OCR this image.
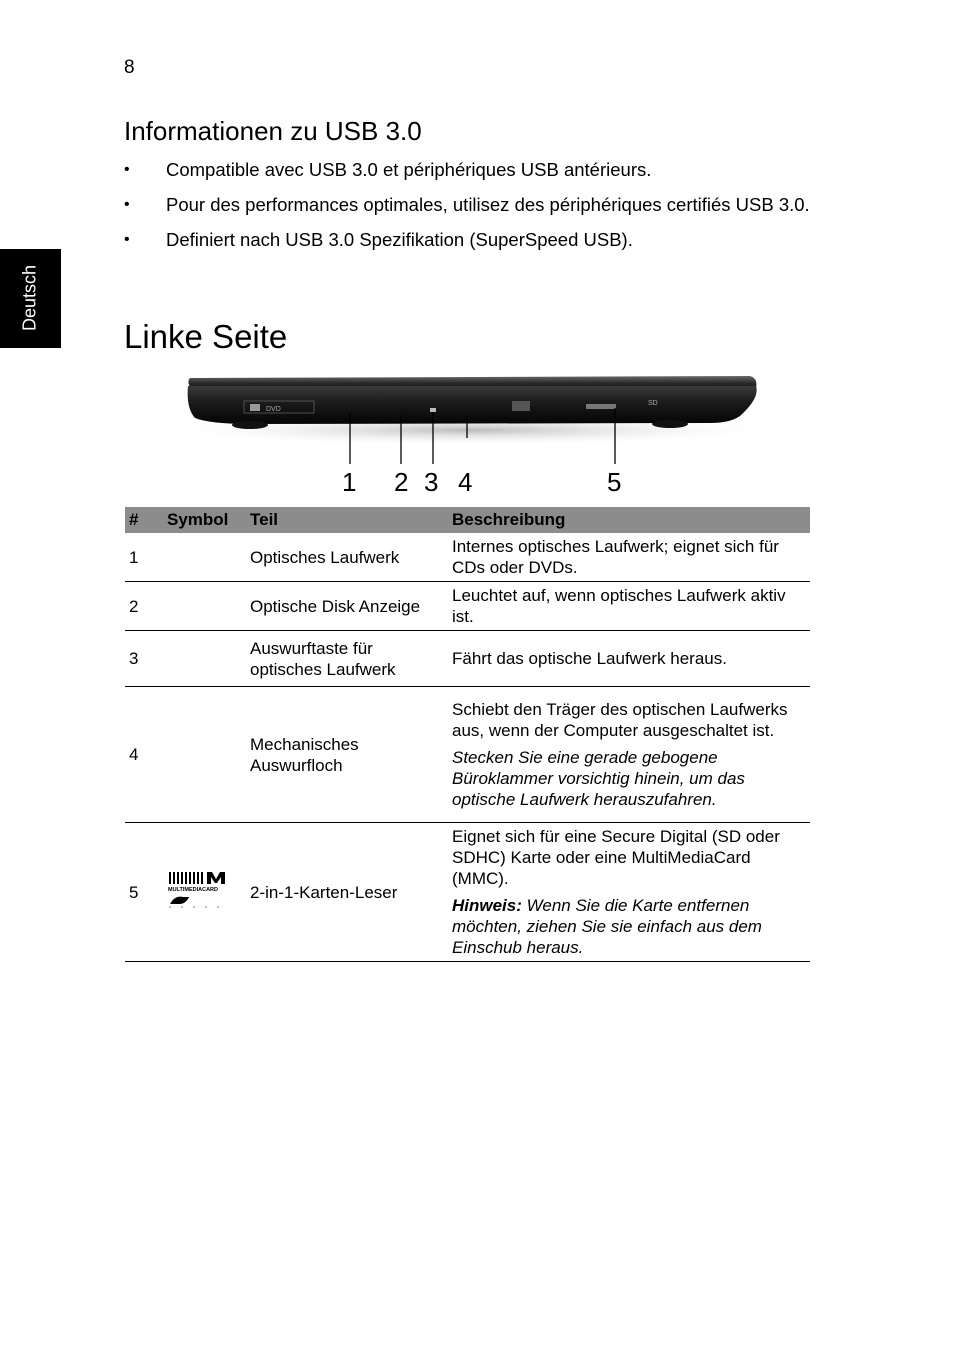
8
Deutsch
Informationen zu USB 3.0
• Compatible avec USB 3.0 et périphériques USB antérieurs.
• Pour des performances optimales, utilisez des périphériques certifiés USB 3.0.
• Definiert nach USB 3.0 Spezifikation (SuperSpeed USB).
Linke Seite
DVD
SD
1 2 3 4	5
#	Symbol	Teil	Beschreibung
1		Optisches Laufwerk	Internes optisches Laufwerk; eignet sich für CDs oder DVDs.
2		Optische Disk Anzeige	Leuchtet auf, wenn optisches Laufwerk aktiv ist.
3		Auswurftaste für optisches Laufwerk	Fährt das optische Laufwerk heraus.
4		Mechanisches Auswurfloch	Schiebt den Träger des optischen Laufwerks aus, wenn der Computer ausgeschaltet ist.

Stecken Sie eine gerade gebogene Büroklammer vorsichtig hinein, um das optische Laufwerk herauszufahren.

5	MULTIMEDIACARD	2-in-1-Karten-Leser	Eignet sich für eine Secure Digital (SD oder SDHC) Karte oder eine MultiMediaCard (MMC).

Hinweis: Wenn Sie die Karte entfernen möchten, ziehen Sie sie einfach aus dem Einschub heraus.
